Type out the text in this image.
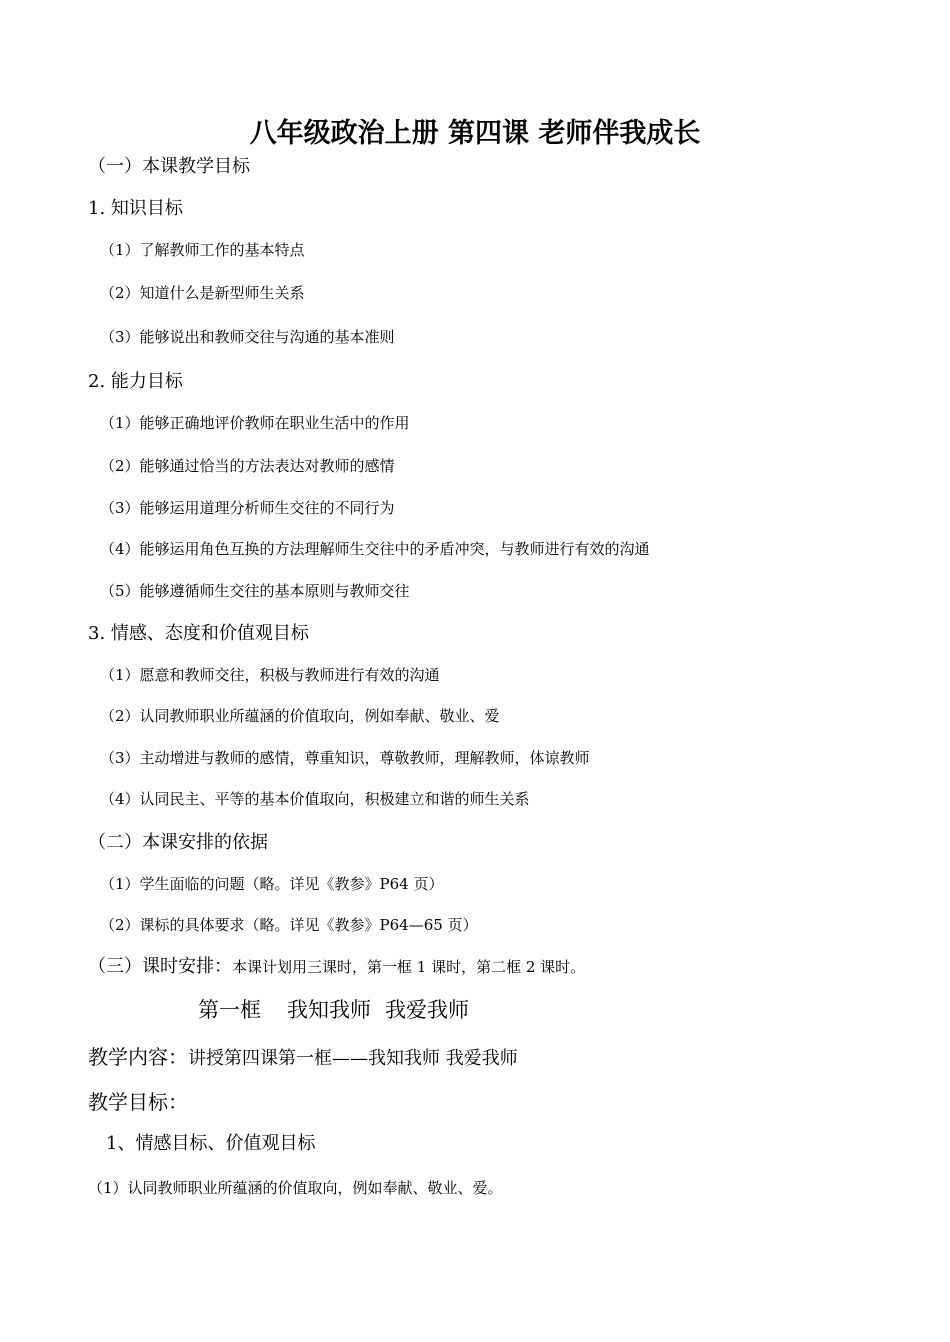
八年级政治上册 第四课 老师伴我成长
（一）本课教学目标
1. 知识目标
（1）了解教师工作的基本特点
（2）知道什么是新型师生关系
（3）能够说出和教师交往与沟通的基本准则
2. 能力目标
（1）能够正确地评价教师在职业生活中的作用
（2）能够通过恰当的方法表达对教师的感情
（3）能够运用道理分析师生交往的不同行为
（4）能够运用角色互换的方法理解师生交往中的矛盾冲突，与教师进行有效的沟通
（5）能够遵循师生交往的基本原则与教师交往
3. 情感、态度和价值观目标
（1）愿意和教师交往，积极与教师进行有效的沟通
（2）认同教师职业所蕴涵的价值取向，例如奉献、敬业、爱
（3）主动增进与教师的感情，尊重知识，尊敬教师，理解教师，体谅教师
（4）认同民主、平等的基本价值取向，积极建立和谐的师生关系
（二）本课安排的依据
（1）学生面临的问题（略。详见《教参》P64 页）
（2）课标的具体要求（略。详见《教参》P64—65 页）
（三）课时安排：本课计划用三课时，第一框 1 课时，第二框 2 课时。
第一框 我知我师 我爱我师
教学内容：讲授第四课第一框——我知我师 我爱我师
教学目标：
1、情感目标、价值观目标
（1）认同教师职业所蕴涵的价值取向，例如奉献、敬业、爱。
